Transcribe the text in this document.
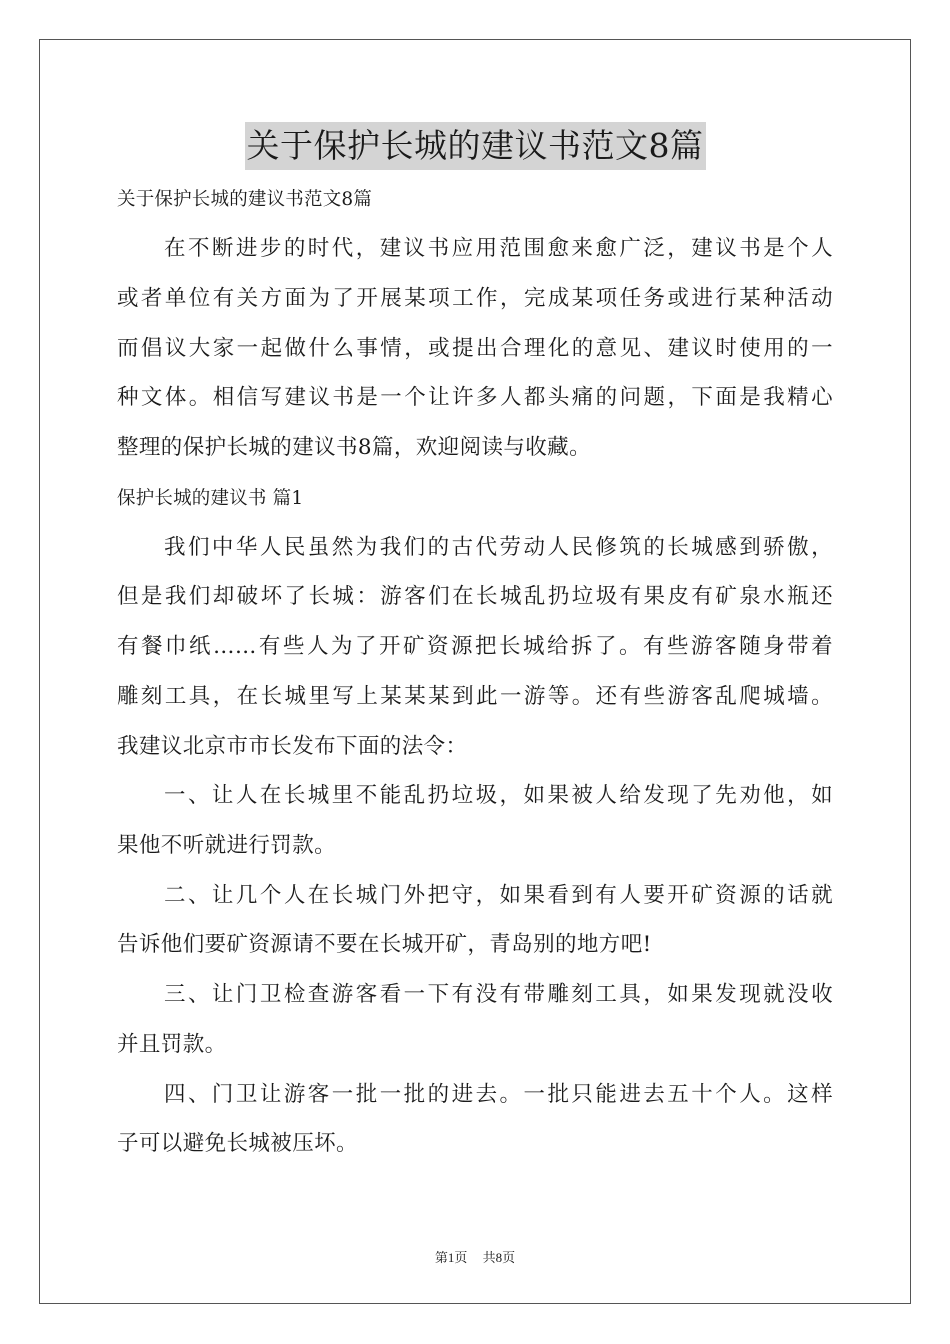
关于保护长城的建议书范文8篇
关于保护长城的建议书范文8篇
在不断进步的时代，建议书应用范围愈来愈广泛，建议书是个人
或者单位有关方面为了开展某项工作，完成某项任务或进行某种活动
而倡议大家一起做什么事情，或提出合理化的意见、建议时使用的一
种文体。相信写建议书是一个让许多人都头痛的问题，下面是我精心
整理的保护长城的建议书8篇，欢迎阅读与收藏。
保护长城的建议书 篇1
我们中华人民虽然为我们的古代劳动人民修筑的长城感到骄傲，
但是我们却破坏了长城：游客们在长城乱扔垃圾有果皮有矿泉水瓶还
有餐巾纸……有些人为了开矿资源把长城给拆了。有些游客随身带着
雕刻工具，在长城里写上某某某到此一游等。还有些游客乱爬城墙。
我建议北京市市长发布下面的法令：
一、让人在长城里不能乱扔垃圾，如果被人给发现了先劝他，如
果他不听就进行罚款。
二、让几个人在长城门外把守，如果看到有人要开矿资源的话就
告诉他们要矿资源请不要在长城开矿，青岛别的地方吧!
三、让门卫检查游客看一下有没有带雕刻工具，如果发现就没收
并且罚款。
四、门卫让游客一批一批的进去。一批只能进去五十个人。这样
子可以避免长城被压坏。
第1页 共8页
